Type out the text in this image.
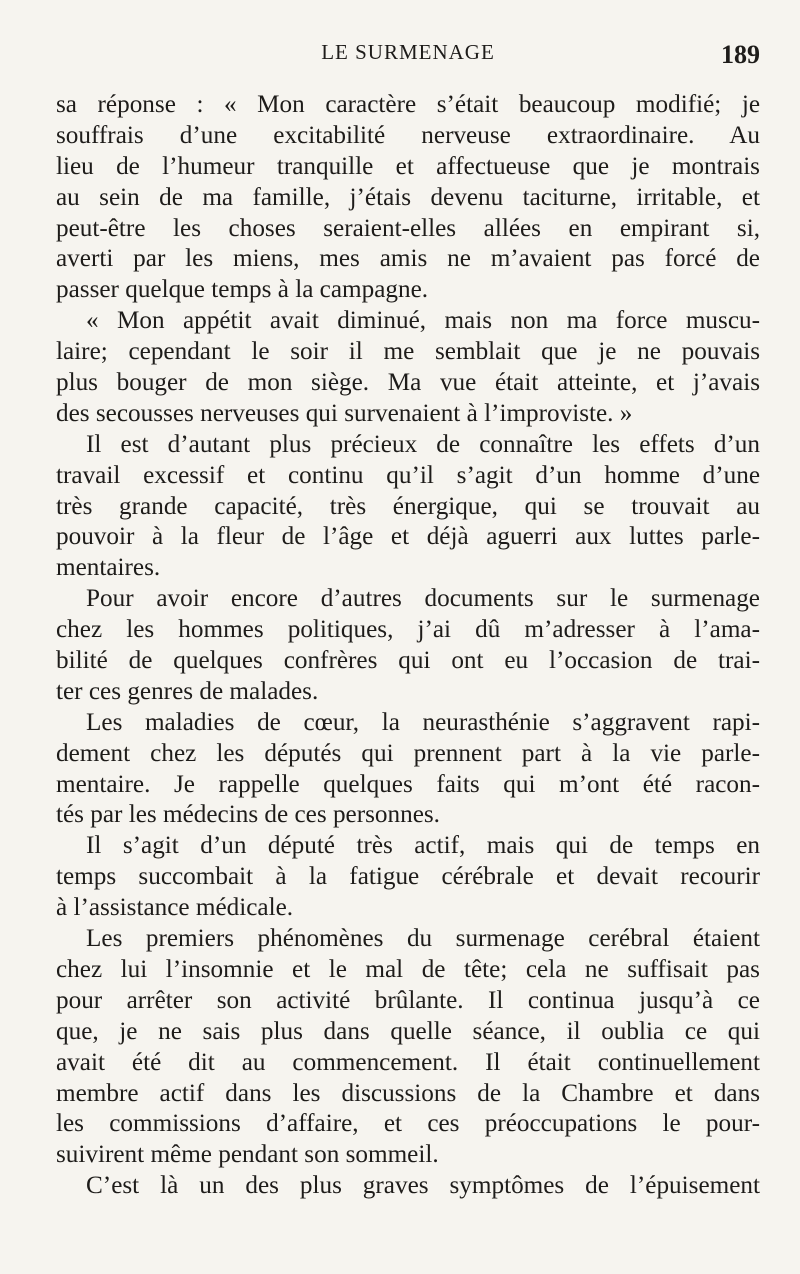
LE SURMENAGE	189
sa réponse : « Mon caractère s’était beaucoup modifié; je
souffrais d’une excitabilité nerveuse extraordinaire. Au
lieu de l’humeur tranquille et affectueuse que je montrais
au sein de ma famille, j’étais devenu taciturne, irritable, et
peut-être les choses seraient-elles allées en empirant si,
averti par les miens, mes amis ne m’avaient pas forcé de
passer quelque temps à la campagne.
« Mon appétit avait diminué, mais non ma force muscu-
laire; cependant le soir il me semblait que je ne pouvais
plus bouger de mon siège. Ma vue était atteinte, et j’avais
des secousses nerveuses qui survenaient à l’improviste. »
Il est d’autant plus précieux de connaître les effets d’un
travail excessif et continu qu’il s’agit d’un homme d’une
très grande capacité, très énergique, qui se trouvait au
pouvoir à la fleur de l’âge et déjà aguerri aux luttes parle-
mentaires.
Pour avoir encore d’autres documents sur le surmenage
chez les hommes politiques, j’ai dû m’adresser à l’ama-
bilité de quelques confrères qui ont eu l’occasion de trai-
ter ces genres de malades.
Les maladies de cœur, la neurasthénie s’aggravent rapi-
dement chez les députés qui prennent part à la vie parle-
mentaire. Je rappelle quelques faits qui m’ont été racon-
tés par les médecins de ces personnes.
Il s’agit d’un député très actif, mais qui de temps en
temps succombait à la fatigue cérébrale et devait recourir
à l’assistance médicale.
Les premiers phénomènes du surmenage cerébral étaient
chez lui l’insomnie et le mal de tête; cela ne suffisait pas
pour arrêter son activité brûlante. Il continua jusqu’à ce
que, je ne sais plus dans quelle séance, il oublia ce qui
avait été dit au commencement. Il était continuellement
membre actif dans les discussions de la Chambre et dans
les commissions d’affaire, et ces préoccupations le pour-
suivirent même pendant son sommeil.
C’est là un des plus graves symptômes de l’épuisement
